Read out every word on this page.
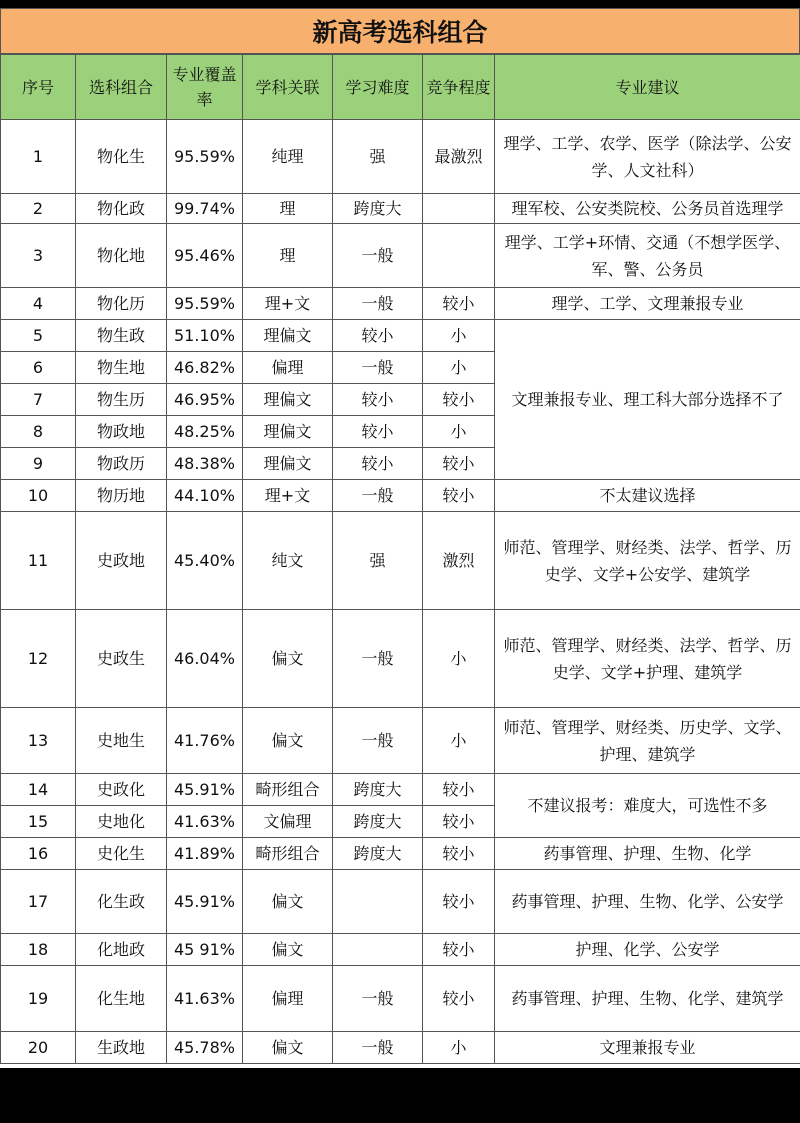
新高考选科组合
序号	选科组合	专业覆盖率	学科关联	学习难度	竞争程度	专业建议
1	物化生	95.59%	纯理	强	最激烈	理学、工学、农学、医学（除法学、公安学、人文社科）
2	物化政	99.74%	理	跨度大		理军校、公安类院校、公务员首选理学
3	物化地	95.46%	理	一般		理学、工学+环情、交通（不想学医学、军、警、公务员
4	物化历	95.59%	理+文	一般	较小	理学、工学、文理兼报专业
5	物生政	51.10%	理偏文	较小	小	文理兼报专业、理工科大部分选择不了
6	物生地	46.82%	偏理	一般	小	
7	物生历	46.95%	理偏文	较小	较小	
8	物政地	48.25%	理偏文	较小	小	
9	物政历	48.38%	理偏文	较小	较小	
10	物历地	44.10%	理+文	一般	较小	不太建议选择
11	史政地	45.40%	纯文	强	激烈	师范、管理学、财经类、法学、哲学、历史学、文学+公安学、建筑学
12	史政生	46.04%	偏文	一般	小	师范、管理学、财经类、法学、哲学、历史学、文学+护理、建筑学
13	史地生	41.76%	偏文	一般	小	师范、管理学、财经类、历史学、文学、护理、建筑学
14	史政化	45.91%	畸形组合	跨度大	较小	不建议报考：难度大，可选性不多
15	史地化	41.63%	文偏理	跨度大	较小	
16	史化生	41.89%	畸形组合	跨度大	较小	药事管理、护理、生物、化学
17	化生政	45.91%	偏文		较小	药事管理、护理、生物、化学、公安学
18	化地政	45 91%	偏文		较小	护理、化学、公安学
19	化生地	41.63%	偏理	一般	较小	药事管理、护理、生物、化学、建筑学
20	生政地	45.78%	偏文	一般	小	文理兼报专业
